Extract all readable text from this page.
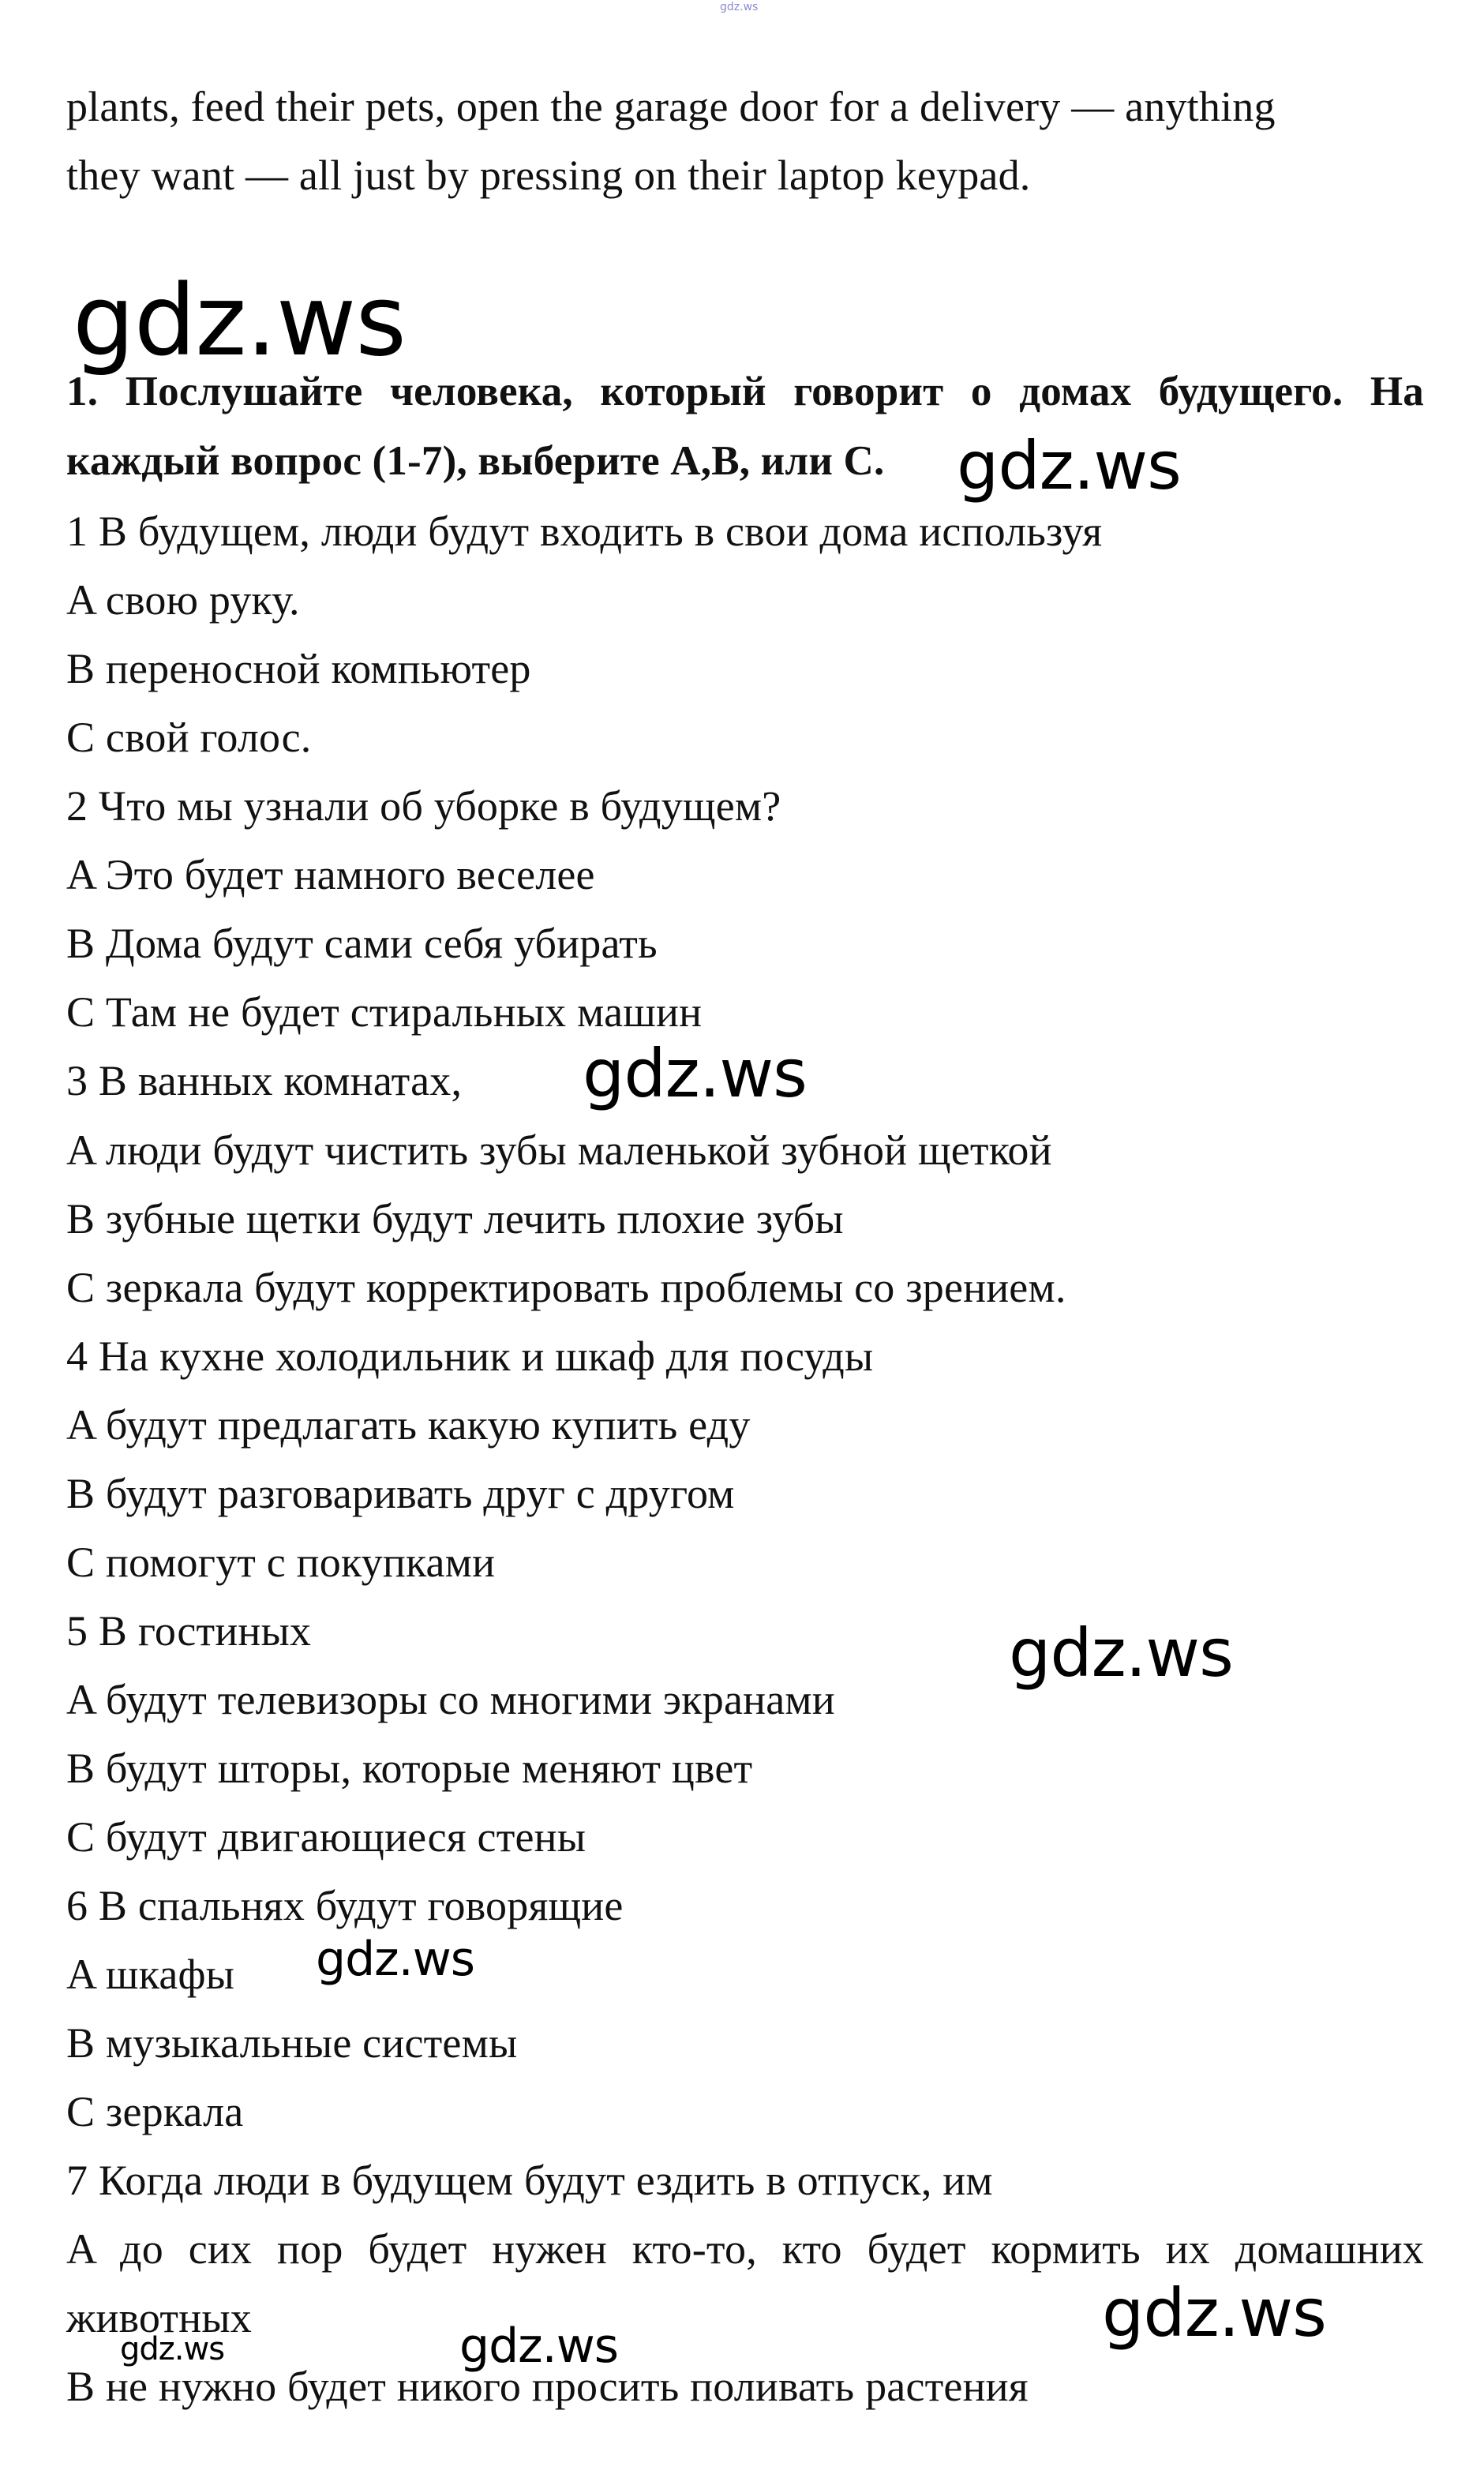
gdz.ws
plants, feed their pets, open the garage door for a delivery — anything
they want — all just by pressing on their laptop keypad.
gdz.ws
1. Послушайте человека, который говорит о домах будущего. На
каждый вопрос (1-7), выберите A,B, или C. gdz.ws
1 В будущем, люди будут входить в свои дома используя
A свою руку.
B переносной компьютер
C свой голос.
2 Что мы узнали об уборке в будущем?
A Это будет намного веселее
B Дома будут сами себя убирать
C Там не будет стиральных машин
3 В ванных комнатах, gdz.ws
A люди будут чистить зубы маленькой зубной щеткой
B зубные щетки будут лечить плохие зубы
C зеркала будут корректировать проблемы со зрением.
4 На кухне холодильник и шкаф для посуды
A будут предлагать какую купить еду
B будут разговаривать друг с другом
C помогут с покупками
5 В гостиных	gdz.ws
A будут телевизоры со многими экранами
B будут шторы, которые меняют цвет
C будут двигающиеся стены
6 В спальнях будут говорящие
A шкафы gdz.ws
B музыкальные системы
C зеркала
7 Когда люди в будущем будут ездить в отпуск, им
A до сих пор будет нужен кто-то, кто будет кормить их домашних
животных	gdz.ws
gdz.ws	gdz.ws
B не нужно будет никого просить поливать растения
